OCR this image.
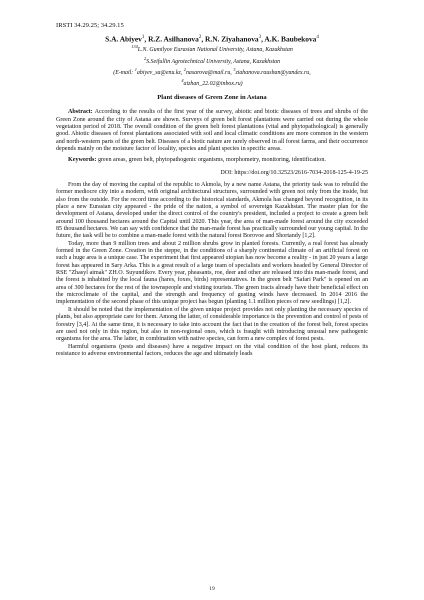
IRSTI 34.29.25; 34.29.15
S.A. Abiyev$^1$, R.Z. Asilhanova$^2$, R.N. Ziyahanova$^3$, A.K. Baubekova$^4$
$^{134}$L.N. Gumilyov Eurasian National University, Astana, Kazakhstan
$^2$S.Seifullin Agrotechnical University, Astana, Kazakhstan
(E-mail: $^1$abiyev_sa@enu.kz, $^2$nasarova@mail.ru, $^3$ziahanova.raushan@yandex.ru,
$^4$aizhan_22.02@inbox.ru)
Plant diseases of Green Zone in Astana
Abstract: According to the results of the first year of the survey, abiotic and biotic diseases of trees and shrubs of the Green Zone around the city of Astana are shown. Surveys of green belt forest plantations were carried out during the whole vegetation period of 2018. The overall condition of the green belt forest plantations (vital and phytopathological) is generally good. Abiotic diseases of forest plantations associated with soil and local climatic conditions are more common in the western and north-western parts of the green belt. Diseases of a biotic nature are rarely observed in all forest farms, and their occurrence depends mainly on the moisture factor of locality, species and plant species in specific areas.
Keywords: green areas, green belt, phytopathogenic organisms, morphometry, monitoring, identification.
DOI: https://doi.org/10.32523/2616-7034-2018-125-4-19-25

From the day of moving the capital of the republic to Akmola, by a new name Astana, the priority task was to rebuild the former mediocre city into a modern, with original architectural structures, surrounded with green not only from the inside, but also from the outside. For the record time according to the historical standards, Akmola has changed beyond recognition, in its place a new Eurasian city appeared - the pride of the nation, a symbol of sovereign Kazakhstan. The master plan for the development of Astana, developed under the direct control of the country's president, included a project to create a green belt around 100 thousand hectares around the Capital until 2020. This year, the area of man-made forest around the city exceeded 85 thousand hectares. We can say with confidence that the man-made forest has practically surrounded our young capital. In the future, the task will be to combine a man-made forest with the natural forest Borovoe and Shortandy [1,2].

Today, more than 9 million trees and about 2 million shrubs grow in planted forests. Currently, a real forest has already formed in the Green Zone. Creation in the steppe, in the conditions of a sharply continental climate of an artificial forest on such a huge area is a unique case. The experiment that first appeared utopian has now become a reality - in just 20 years a large forest has appeared in Sary Arka. This is a great result of a large team of specialists and workers headed by General Director of RSE "Zhasyl aimak" ZH.O. Suyundikov. Every year, pheasants, roe, deer and other are released into this man-made forest, and the forest is inhabited by the local fauna (hares, foxes, birds) representatives. In the green belt "Safari Park" is opened on an area of 300 hectares for the rest of the townspeople and visiting tourists. The green tracts already have their beneficial effect on the microclimate of the capital, and the strength and frequency of gusting winds have decreased. In 2014 2016 the implementation of the second phase of this unique project has begun (planting 1.1 million pieces of new seedlings) [1,2].

It should be noted that the implementation of the given unique project provides not only planting the necessary species of plants, but also appropriate care for them. Among the latter, of considerable importance is the prevention and control of pests of forestry [3,4]. At the same time, it is necessary to take into account the fact that in the creation of the forest belt, forest species are used not only in this region, but also in non-regional ones, which is fraught with introducing unusual new pathogenic organisms for the area. The latter, in combination with native species, can form a new complex of forest pests.

Harmful organisms (pests and diseases) have a negative impact on the vital condition of the host plant, reduces its resistance to adverse environmental factors, reduces the age and ultimately leads

19
